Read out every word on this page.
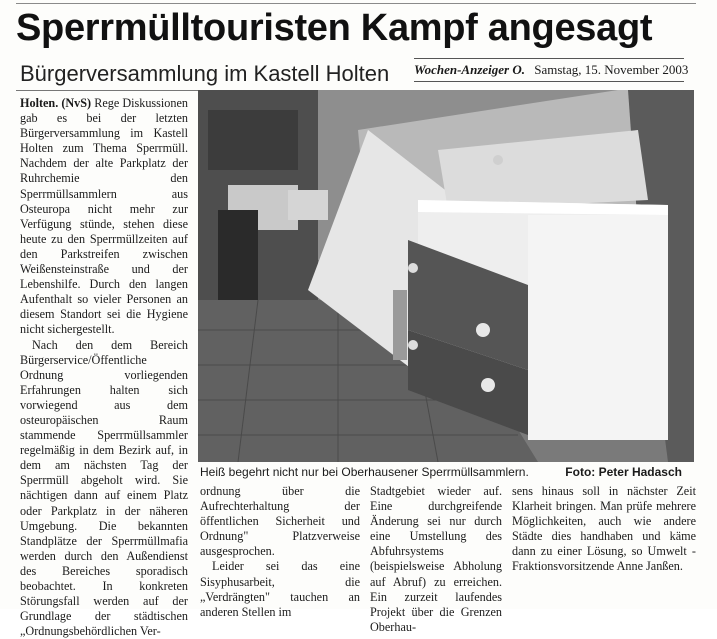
Sperrmülltouristen Kampf angesagt
Bürgerversammlung im Kastell Holten Wochen-Anzeiger O. Samstag, 15. November 2003

Holten. (NvS) Rege Diskussionen gab es bei der letzten Bürgerversammlung im Kastell Holten zum Thema Sperrmüll. Nachdem der alte Parkplatz der Ruhrchemie den Sperrmüllsammlern aus Osteuropa nicht mehr zur Verfügung stünde, stehen diese heute zu den Sperrmüllzeiten auf den Parkstreifen zwischen Weißensteinstraße und der Lebenshilfe. Durch den langen Aufenthalt so vieler Personen an diesem Standort sei die Hygiene nicht sichergestellt.

Nach den dem Bereich Bürgerservice/Öffentliche Ordnung vorliegenden Erfahrungen halten sich vorwiegend aus dem osteuropäischen Raum stammende Sperrmüllsammler regelmäßig in dem Bezirk auf, in dem am nächsten Tag der Sperrmüll abgeholt wird. Sie nächtigen dann auf einem Platz oder Parkplatz in der näheren Umgebung. Die bekannten Standplätze der Sperrmüllmafia werden durch den Außendienst des Bereiches sporadisch beobachtet. In konkreten Störungsfall werden auf der Grundlage der städtischen „Ordnungsbehördlichen Ver-

Heiß begehrt nicht nur bei Oberhausener Sperrmüllsammlern.	Foto: Peter Hadasch

ordnung über die Aufrechterhaltung der öffentlichen Sicherheit und Ordnung" Platzverweise ausgesprochen.

Leider sei das eine Sisyphusarbeit, die „Verdrängten" tauchen an anderen Stellen im

Stadtgebiet wieder auf. Eine durchgreifende Änderung sei nur durch eine Umstellung des Abfuhrsystems (beispielsweise Abholung auf Abruf) zu erreichen. Ein zurzeit laufendes Projekt über die Grenzen Oberhau-

sens hinaus soll in nächster Zeit Klarheit bringen. Man prüfe mehrere Möglichkeiten, auch wie andere Städte dies handhaben und käme dann zu einer Lösung, so Umwelt - Fraktionsvorsitzende Anne Janßen.
